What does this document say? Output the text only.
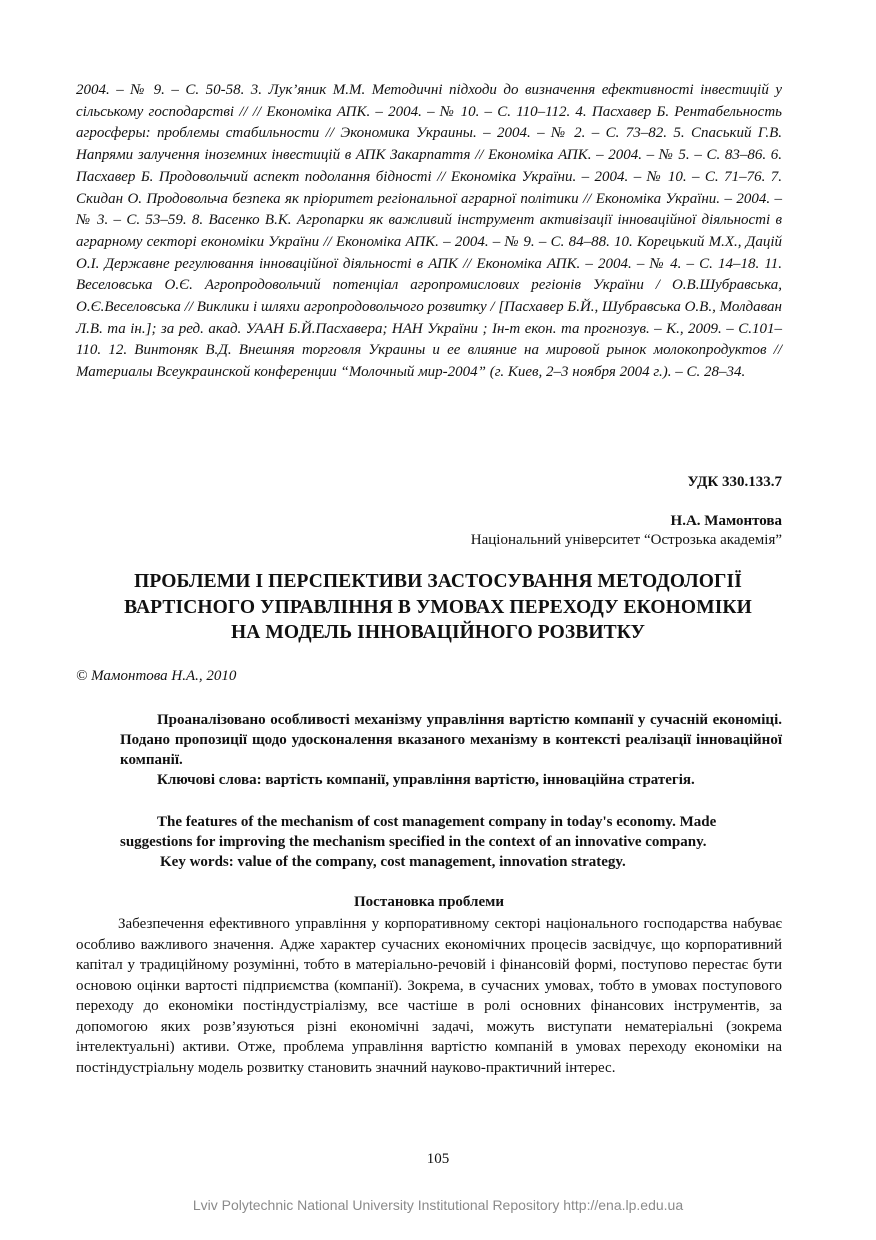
2004. – № 9. – С. 50-58. 3. Лук’яник М.М. Методичні підходи до визначення ефективності інвестицій у сільському господарстві // // Економіка АПК. – 2004. – № 10. – С. 110–112. 4. Пасхавер Б. Рентабельность агросферы: проблемы стабильности // Экономика Украины. – 2004. – № 2. – С. 73–82. 5. Спаський Г.В. Напрями залучення іноземних інвестицій в АПК Закарпаття // Економіка АПК. – 2004. – № 5. – С. 83–86. 6. Пасхавер Б. Продовольчий аспект подолання бідності // Економіка України. – 2004. – № 10. – С. 71–76. 7. Скидан О. Продовольча безпека як пріоритет регіональної аграрної політики // Економіка України. – 2004. – № 3. – С. 53–59. 8. Васенко В.К. Агропарки як важливий інструмент активізації інноваційної діяльності в аграрному секторі економіки України // Економіка АПК. – 2004. – № 9. – С. 84–88. 10. Корецький М.Х., Дацій О.І. Державне регулювання інноваційної діяльності в АПК // Економіка АПК. – 2004. – № 4. – С. 14–18. 11. Веселовська О.Є. Агропродовольчий потенціал агропромислових регіонів України / О.В.Шубравська, О.Є.Веселовська // Виклики і шляхи агропродовольчого розвитку / [Пасхавер Б.Й., Шубравська О.В., Молдаван Л.В. та ін.]; за ред. акад. УААН Б.Й.Пасхавера; НАН України ; Ін-т екон. та прогнозув. – К., 2009. – С.101–110. 12. Винтоняк В.Д. Внешняя торговля Украины и ее влияние на мировой рынок молокопродуктов // Материалы Всеукраинской конференции “Молочный мир-2004” (г. Киев, 2–3 ноября 2004 г.). – С. 28–34.

УДК 330.133.7
Н.А. Мамонтова
Національний університет “Острозька академія”
ПРОБЛЕМИ І ПЕРСПЕКТИВИ ЗАСТОСУВАННЯ МЕТОДОЛОГІЇ
ВАРТІСНОГО УПРАВЛІННЯ В УМОВАХ ПЕРЕХОДУ ЕКОНОМІКИ
НА МОДЕЛЬ ІННОВАЦІЙНОГО РОЗВИТКУ
© Мамонтова Н.А., 2010

Проаналізовано особливості механізму управління вартістю компанії у сучасній економіці. Подано пропозиції щодо удосконалення вказаного механізму в контексті реалізації інноваційної компанії.

Ключові слова: вартість компанії, управління вартістю, інноваційна стратегія.

The features of the mechanism of cost management company in today's economy. Made suggestions for improving the mechanism specified in the context of an innovative company.

Key words: value of the company, cost management, innovation strategy.

Постановка проблеми

Забезпечення ефективного управління у корпоративному секторі національного господарства набуває особливо важливого значення. Адже характер сучасних економічних процесів засвідчує, що корпоративний капітал у традиційному розумінні, тобто в матеріально-речовій і фінансовій формі, поступово перестає бути основою оцінки вартості підприємства (компанії). Зокрема, в сучасних умовах, тобто в умовах поступового переходу до економіки постіндустріалізму, все частіше в ролі основних фінансових інструментів, за допомогою яких розв’язуються різні економічні задачі, можуть виступати нематеріальні (зокрема інтелектуальні) активи. Отже, проблема управління вартістю компаній в умовах переходу економіки на постіндустріальну модель розвитку становить значний науково-практичний інтерес.

105
Lviv Polytechnic National University Institutional Repository http://ena.lp.edu.ua
